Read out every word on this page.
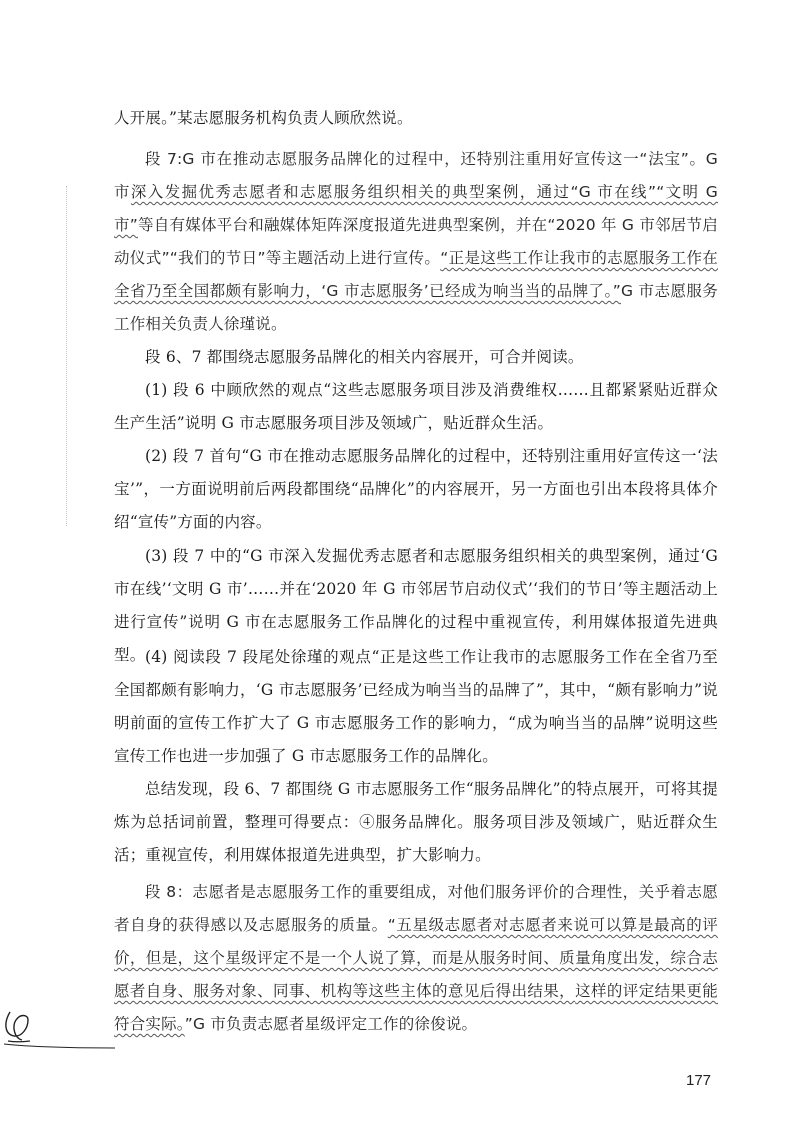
人开展。”某志愿服务机构负责人顾欣然说。

段 7:G 市在推动志愿服务品牌化的过程中，还特别注重用好宣传这一“法宝”。G 市深入发掘优秀志愿者和志愿服务组织相关的典型案例，通过“G 市在线”“文明 G 市”等自有媒体平台和融媒体矩阵深度报道先进典型案例，并在“2020 年 G 市邻居节启动仪式”“我们的节日”等主题活动上进行宣传。“正是这些工作让我市的志愿服务工作在全省乃至全国都颇有影响力，‘G 市志愿服务’已经成为响当当的品牌了。”G 市志愿服务工作相关负责人徐瑾说。

段 6、7 都围绕志愿服务品牌化的相关内容展开，可合并阅读。

(1) 段 6 中顾欣然的观点“这些志愿服务项目涉及消费维权……且都紧紧贴近群众生产生活”说明 G 市志愿服务项目涉及领域广，贴近群众生活。

(2) 段 7 首句“G 市在推动志愿服务品牌化的过程中，还特别注重用好宣传这一‘法宝’”，一方面说明前后两段都围绕“品牌化”的内容展开，另一方面也引出本段将具体介绍“宣传”方面的内容。

(3) 段 7 中的“G 市深入发掘优秀志愿者和志愿服务组织相关的典型案例，通过‘G 市在线’‘文明 G 市’……并在‘2020 年 G 市邻居节启动仪式’‘我们的节日’等主题活动上进行宣传”说明 G 市在志愿服务工作品牌化的过程中重视宣传，利用媒体报道先进典型。 (4) 阅读段 7 段尾处徐瑾的观点“正是这些工作让我市的志愿服务工作在全省乃至全国都颇有影响力，‘G 市志愿服务’已经成为响当当的品牌了”，其中，“颇有影响力”说明前面的宣传工作扩大了 G 市志愿服务工作的影响力，“成为响当当的品牌”说明这些宣传工作也进一步加强了 G 市志愿服务工作的品牌化。

总结发现，段 6、7 都围绕 G 市志愿服务工作“服务品牌化”的特点展开，可将其提炼为总括词前置，整理可得要点：④服务品牌化。服务项目涉及领域广，贴近群众生活；重视宣传，利用媒体报道先进典型，扩大影响力。

段 8：志愿者是志愿服务工作的重要组成，对他们服务评价的合理性，关乎着志愿者自身的获得感以及志愿服务的质量。“五星级志愿者对志愿者来说可以算是最高的评价，但是，这个星级评定不是一个人说了算，而是从服务时间、质量角度出发，综合志愿者自身、服务对象、同事、机构等这些主体的意见后得出结果，这样的评定结果更能符合实际。”G 市负责志愿者星级评定工作的徐俊说。

177
